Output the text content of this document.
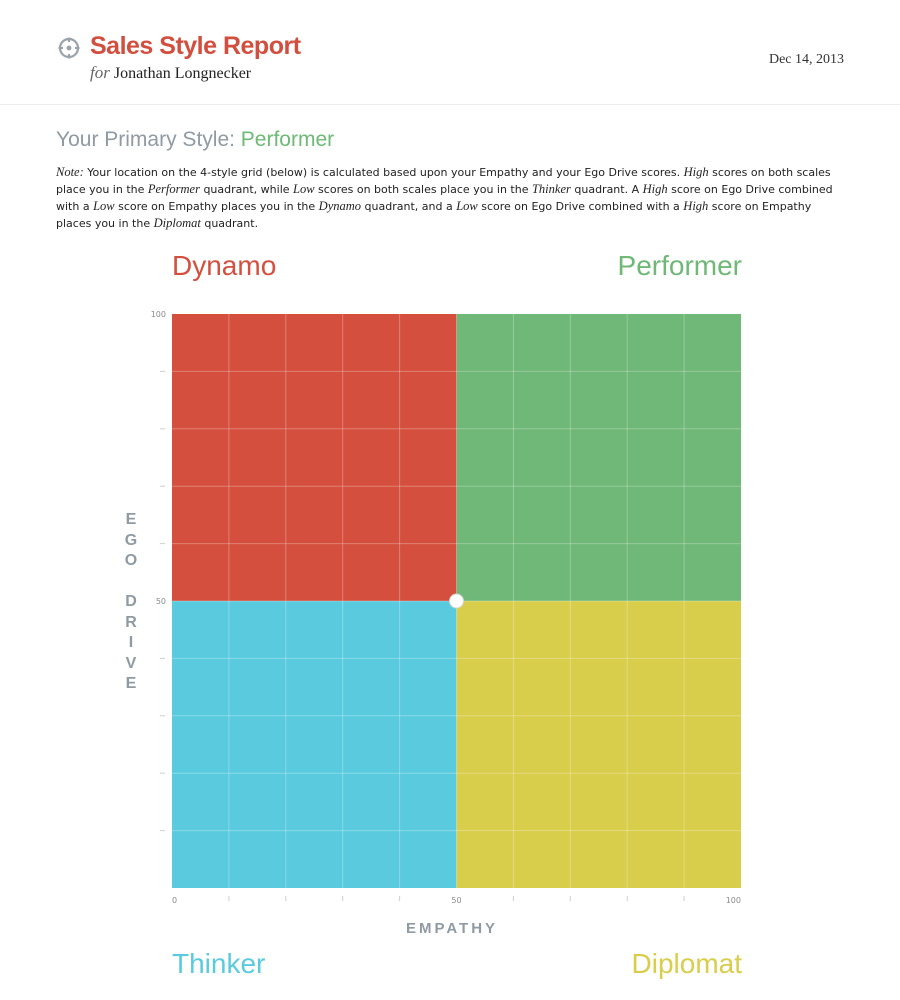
Sales Style Report
for Jonathan Longnecker
Dec 14, 2013
Your Primary Style: Performer
Note: Your location on the 4-style grid (below) is calculated based upon your Empathy and your Ego Drive scores. High scores on both scales place you in the Performer quadrant, while Low scores on both scales place you in the Thinker quadrant. A High score on Ego Drive combined with a Low score on Empathy places you in the Dynamo quadrant, and a Low score on Ego Drive combined with a High score on Empathy places you in the Diplomat quadrant.
Dynamo	Performer
Thinker	Diplomat
100
50
0	50	100
E
G
O

D
R
I
V
E
EMPATHY
